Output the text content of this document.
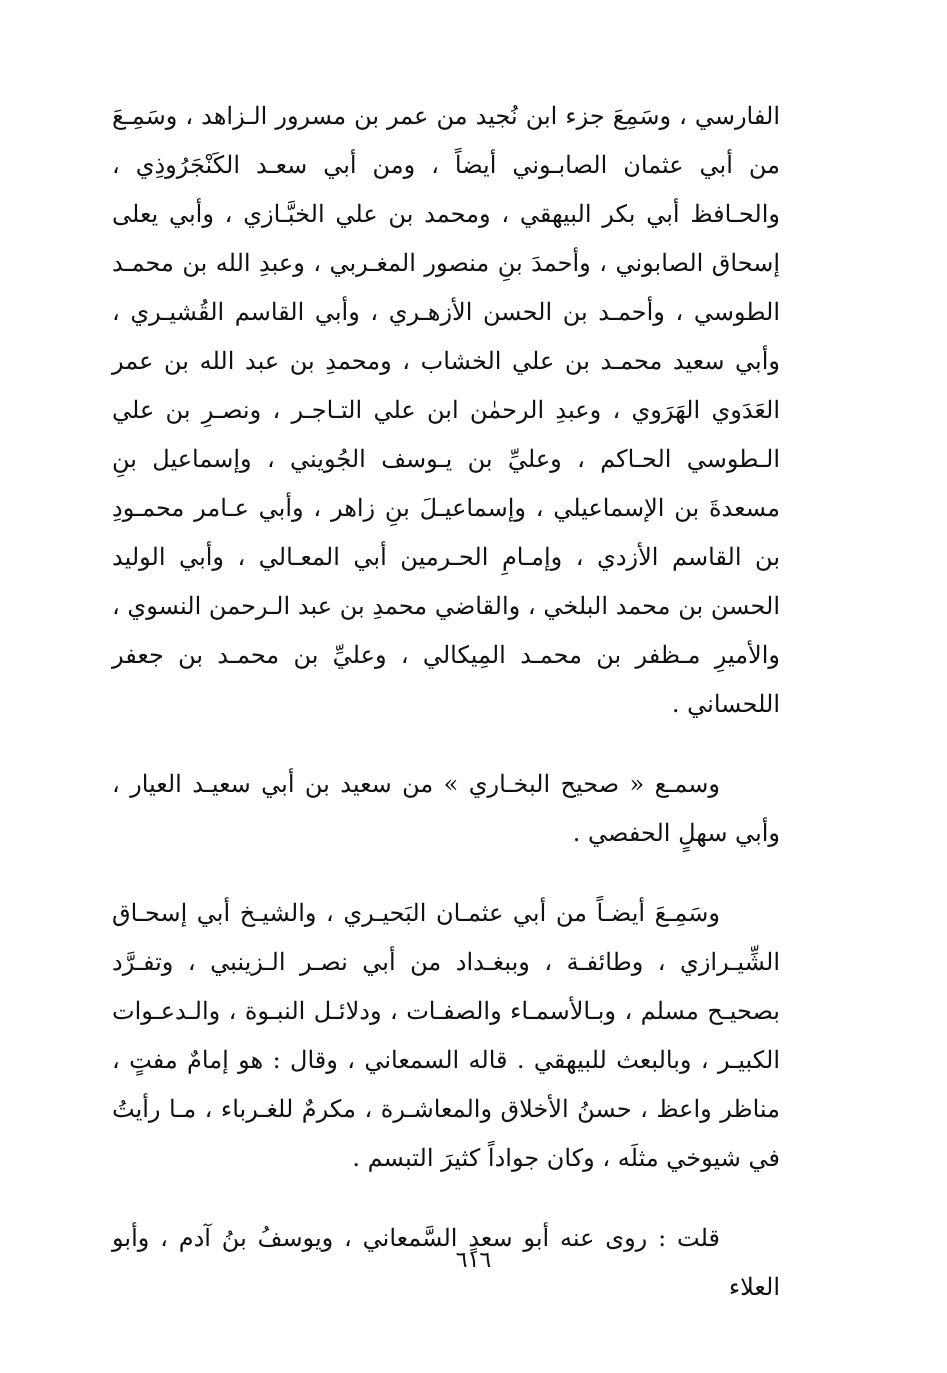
الفارسي ، وسَمِعَ جزء ابن نُجيد من عمر بن مسرور الـزاهد ، وسَمِـعَ من أبي عثمان الصابـوني أيضاً ، ومن أبي سعـد الكَنْجَرُوذِي ، والحـافظ أبي بكر البيهقي ، ومحمد بن علي الخبَّـازي ، وأبي يعلى إسحاق الصابوني ، وأحمدَ بنِ منصور المغـربي ، وعبدِ الله بن محمـد الطوسي ، وأحمـد بن الحسن الأزهـري ، وأبي القاسم القُشيـري ، وأبي سعيد محمـد بن علي الخشاب ، ومحمدِ بن عبد الله بن عمر العَدَوي الهَرَوي ، وعبدِ الرحمٰن ابن علي التـاجـر ، ونصـرِ بن علي الـطوسي الحـاكم ، وعليِّ بن يـوسف الجُويني ، وإسماعيل بنِ مسعدةَ بن الإسماعيلي ، وإسماعيـلَ بنِ زاهر ، وأبي عـامر محمـودِ بن القاسم الأزدي ، وإمـامِ الحـرمين أبي المعـالي ، وأبي الوليد الحسن بن محمد البلخي ، والقاضي محمدِ بن عبد الـرحمن النسوي ، والأميرِ مـظفر بن محمـد المِيكالي ، وعليِّ بن محمـد بن جعفر اللحساني .

وسمـع « صحيح البخـاري » من سعيد بن أبي سعيـد العيار ، وأبي سهلٍ الحفصي .

وسَمِـعَ أيضـاً من أبي عثمـان البَحيـري ، والشيـخ أبي إسحـاق الشِّيـرازي ، وطائفـة ، وببغـداد من أبي نصـر الـزينبي ، وتفـرَّد بصحيـح مسلم ، وبـالأسمـاء والصفـات ، ودلائـل النبـوة ، والـدعـوات الكبيـر ، وبالبعث للبيهقي . قاله السمعاني ، وقال : هو إمامٌ مفتٍ ، مناظر واعظ ، حسنُ الأخلاق والمعاشـرة ، مكرمٌ للغـرباء ، مـا رأيتُ في شيوخي مثلَه ، وكان جواداً كثيرَ التبسم .

قلت : روى عنه أبو سعدٍ السَّمعاني ، ويوسفُ بنُ آدم ، وأبو العلاء

٦١٦
